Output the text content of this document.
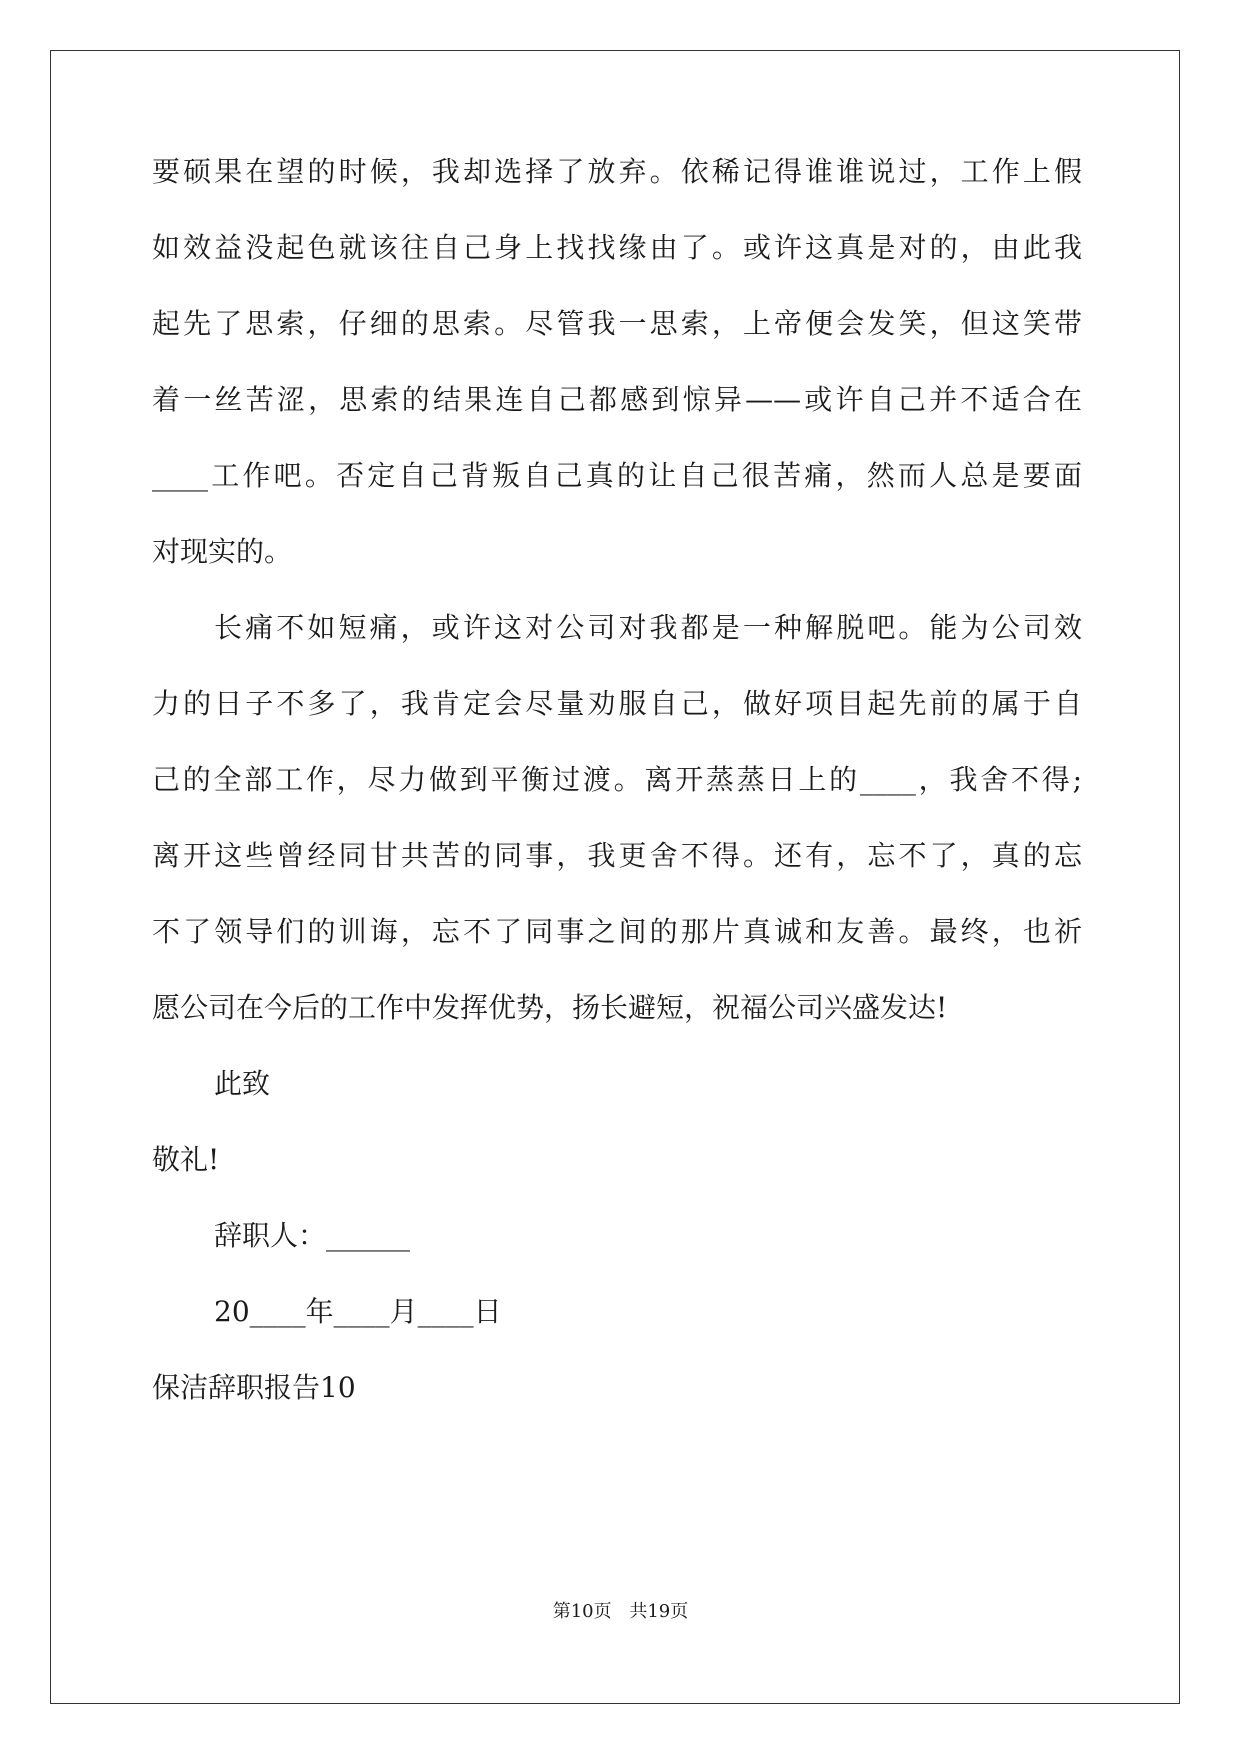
要硕果在望的时候，我却选择了放弃。依稀记得谁谁说过，工作上假
如效益没起色就该往自己身上找找缘由了。或许这真是对的，由此我
起先了思索，仔细的思索。尽管我一思索，上帝便会发笑，但这笑带
着一丝苦涩，思索的结果连自己都感到惊异——或许自己并不适合在
____工作吧。否定自己背叛自己真的让自己很苦痛，然而人总是要面
对现实的。
长痛不如短痛，或许这对公司对我都是一种解脱吧。能为公司效
力的日子不多了，我肯定会尽量劝服自己，做好项目起先前的属于自
己的全部工作，尽力做到平衡过渡。离开蒸蒸日上的____，我舍不得;
离开这些曾经同甘共苦的同事，我更舍不得。还有，忘不了，真的忘
不了领导们的训诲，忘不了同事之间的那片真诚和友善。最终，也祈
愿公司在今后的工作中发挥优势，扬长避短，祝福公司兴盛发达!
此致
敬礼!
辞职人：______
20____年____月____日
保洁辞职报告10
第10页 共19页
